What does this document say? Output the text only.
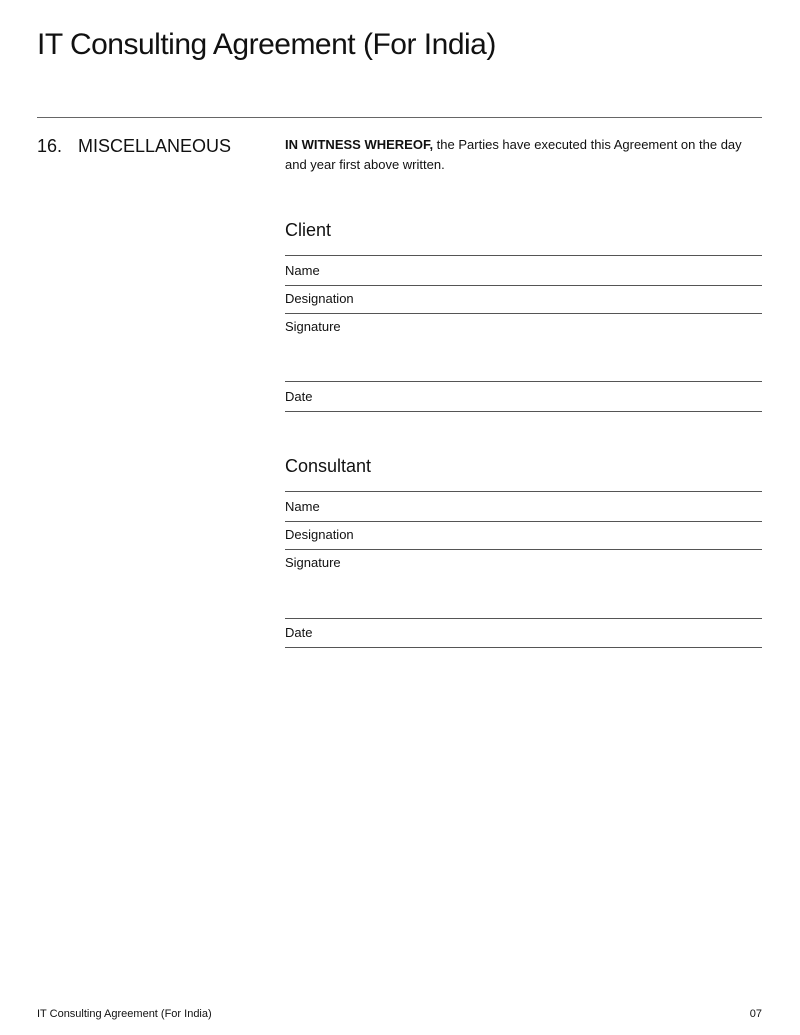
IT Consulting Agreement (For India)
16. MISCELLANEOUS	IN WITNESS WHEREOF, the Parties have executed this Agreement on the day and year first above written.
Client
Name
Designation
Signature
Date
Consultant
Name
Designation
Signature
Date
IT Consulting Agreement (For India)	07
